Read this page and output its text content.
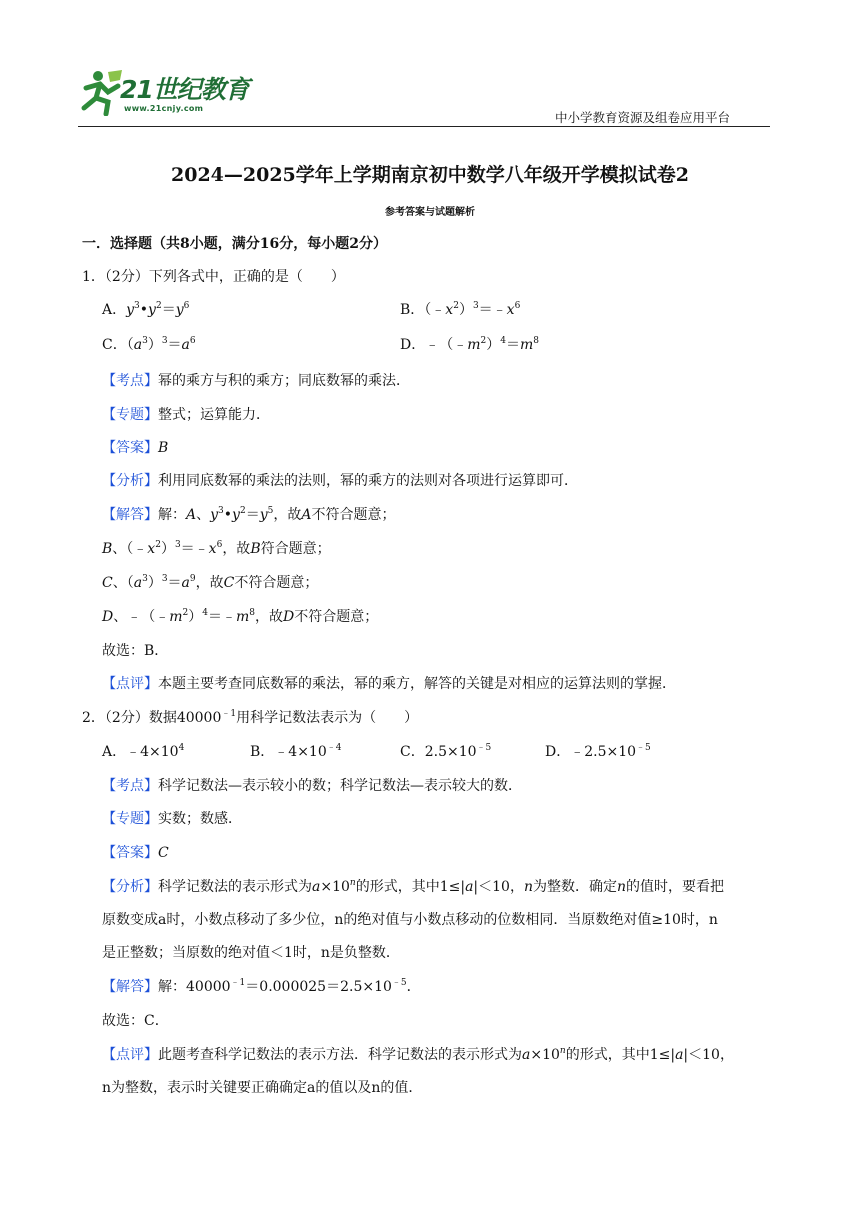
21世纪教育
www.21cnjy.com
中小学教育资源及组卷应用平台
2024—2025学年上学期南京初中数学八年级开学模拟试卷2
参考答案与试题解析
一．选择题（共8小题，满分16分，每小题2分）
1．（2分）下列各式中，正确的是（　　）
A．$y^3•y^2=y^6$	B．$(﹣x^2)^3=﹣x^6$
C．$(a^3)^3=a^6$	D．$﹣(﹣m^2)^4=m^8$
【考点】幂的乘方与积的乘方；同底数幂的乘法．
【专题】整式；运算能力．
【答案】B
【分析】利用同底数幂的乘法的法则，幂的乘方的法则对各项进行运算即可．
【解答】解：A、$y^3•y^2=y^5$，故A不符合题意；
B、$(﹣x^2)^3=﹣x^6$，故B符合题意；
C、$(a^3)^3=a^9$，故C不符合题意；
D、$﹣(﹣m^2)^4=﹣m^8$，故D不符合题意；
故选：B．
【点评】本题主要考查同底数幂的乘法，幂的乘方，解答的关键是对相应的运算法则的掌握．
2．（2分）数据$40000^{﹣1}$用科学记数法表示为（　　）
A．$﹣4\times 10^4$	B．$﹣4\times 10^{﹣4}$	C．$2.5\times 10^{﹣5}$	D．$﹣2.5\times 10^{﹣5}$
【考点】科学记数法—表示较小的数；科学记数法—表示较大的数．
【专题】实数；数感．
【答案】C
【分析】科学记数法的表示形式为$a\times 10^n$的形式，其中1≤|a|＜10，n为整数．确定n的值时，要看把
原数变成a时，小数点移动了多少位，n的绝对值与小数点移动的位数相同．当原数绝对值≥10时，n
是正整数；当原数的绝对值＜1时，n是负整数．
【解答】解：$40000^{﹣1}=0.000025=2.5\times 10^{﹣5}$．
故选：C．
【点评】此题考查科学记数法的表示方法．科学记数法的表示形式为$a\times 10^n$的形式，其中1≤|a|＜10，
n为整数，表示时关键要正确确定a的值以及n的值．
